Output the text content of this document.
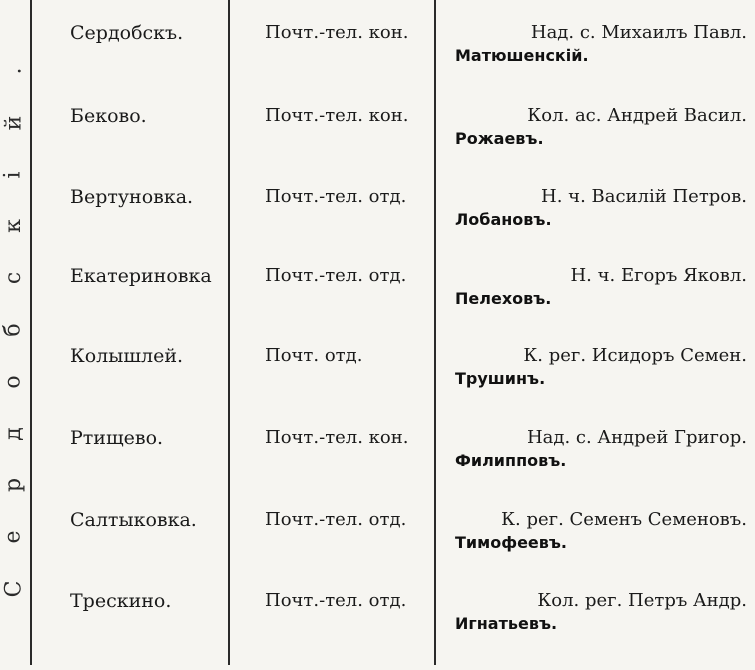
.
й
і
к
с
б
о
д
р
е
С
Сердобскъ.	Почт.-тел. кон.	Над. с. Михаилъ Павл.
Матюшенскій.
Беково.	Почт.-тел. кон.	Кол. ас. Андрей Васил.
Рожаевъ.
Вертуновка.	Почт.-тел. отд.	Н. ч. Василій Петров.
Лобановъ.
Екатериновка	Почт.-тел. отд.	Н. ч. Егоръ Яковл.
Пелеховъ.
Колышлей.	Почт. отд.	К. рег. Исидоръ Семен.
Трушинъ.
Ртищево.	Почт.-тел. кон.	Над. с. Андрей Григор.
Филипповъ.
Салтыковка.	Почт.-тел. отд.	К. рег. Семенъ Семеновъ.
Тимофеевъ.
Трескино.	Почт.-тел. отд.	Кол. рег. Петръ Андр.
Игнатьевъ.
